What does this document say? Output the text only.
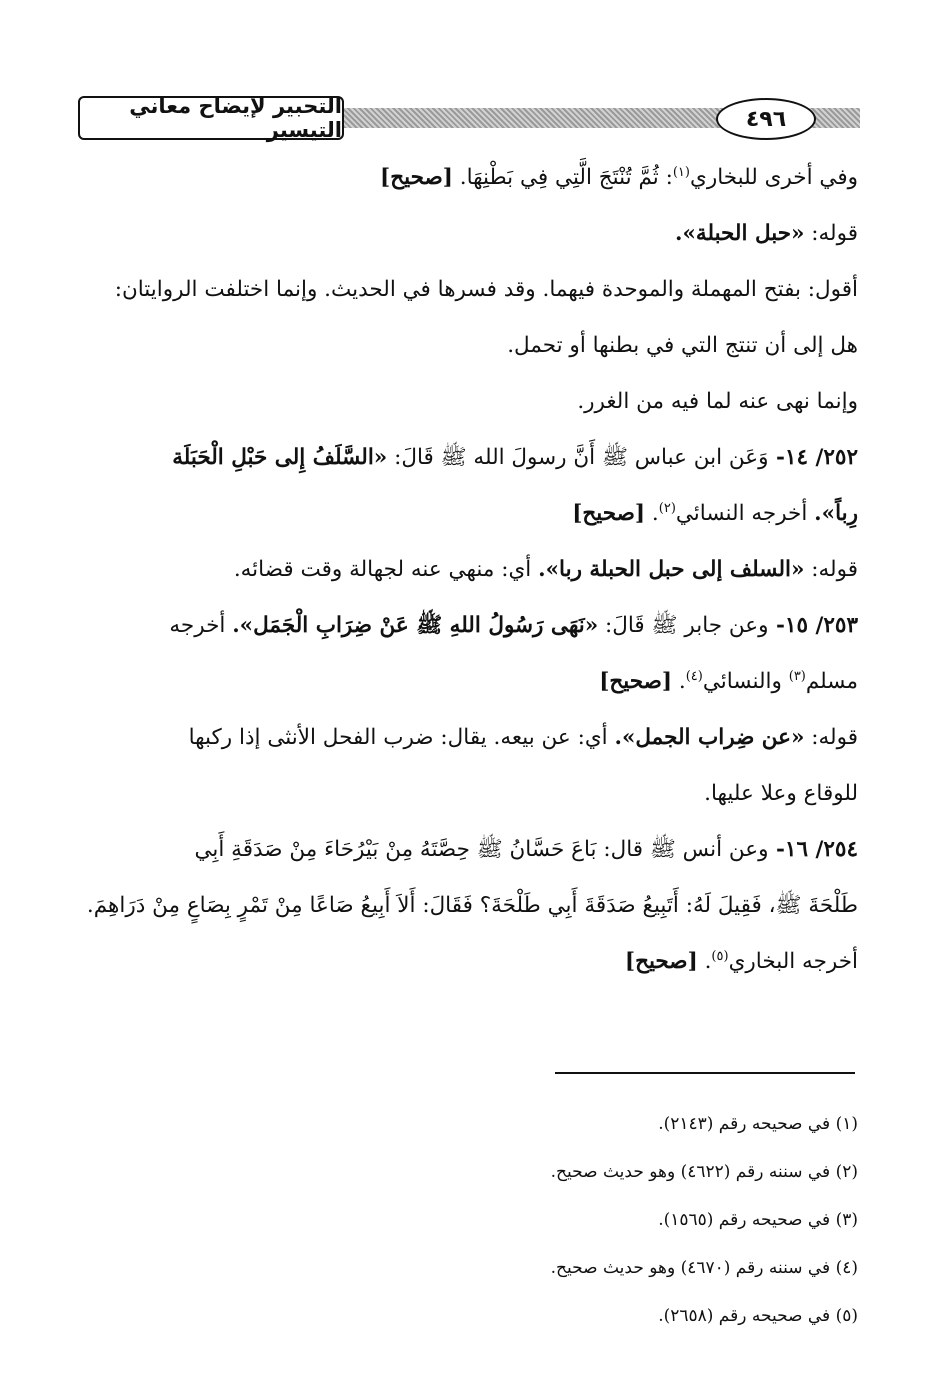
التحبير لإيضاح معاني التيسير	٤٩٦
وفي أخرى للبخاري$^{(١)}$: ثُمَّ تُنْتَجَ الَّتِي فِي بَطْنِهَا. [صحيح]
قوله: «حبل الحبلة».
أقول: بفتح المهملة والموحدة فيهما. وقد فسرها في الحديث. وإنما اختلفت الروايتان:
هل إلى أن تنتج التي في بطنها أو تحمل.
وإنما نهى عنه لما فيه من الغرر.
٢٥٢/ ١٤- وَعَن ابن عباس ﷺ أَنَّ رسولَ الله ﷺ قَالَ: «السَّلَفُ إِلى حَبْلِ الْحَبَلَة
رِباً». أخرجه النسائي$^{(٢)}$. [صحيح]
قوله: «السلف إلى حبل الحبلة ربا». أي: منهي عنه لجهالة وقت قضائه.
٢٥٣/ ١٥- وعن جابر ﷺ قَالَ: «نَهَى رَسُولُ اللهِ ﷺ عَنْ ضِرَابِ الْجَمَل». أخرجه
مسلم$^{(٣)}$ والنسائي$^{(٤)}$. [صحيح]
قوله: «عن ضِراب الجمل». أي: عن بيعه. يقال: ضرب الفحل الأنثى إذا ركبها
للوقاع وعلا عليها.
٢٥٤/ ١٦- وعن أنس ﷺ قال: بَاعَ حَسَّانُ ﷺ حِصَّتَهُ مِنْ بَيْرُحَاءَ مِنْ صَدَقَةِ أَبِي
طَلْحَةَ ﷺ، فَقِيلَ لَهُ: أَتَبِيعُ صَدَقَةَ أَبِي طَلْحَةَ؟ فَقَالَ: أَلاَ أَبِيعُ صَاعًا مِنْ تَمْرٍ بِصَاعٍ مِنْ دَرَاهِمَ.
أخرجه البخاري$^{(٥)}$. [صحيح]
(١) في صحيحه رقم (٢١٤٣).
(٢) في سننه رقم (٤٦٢٢) وهو حديث صحيح.
(٣) في صحيحه رقم (١٥٦٥).
(٤) في سننه رقم (٤٦٧٠) وهو حديث صحيح.
(٥) في صحيحه رقم (٢٦٥٨).
